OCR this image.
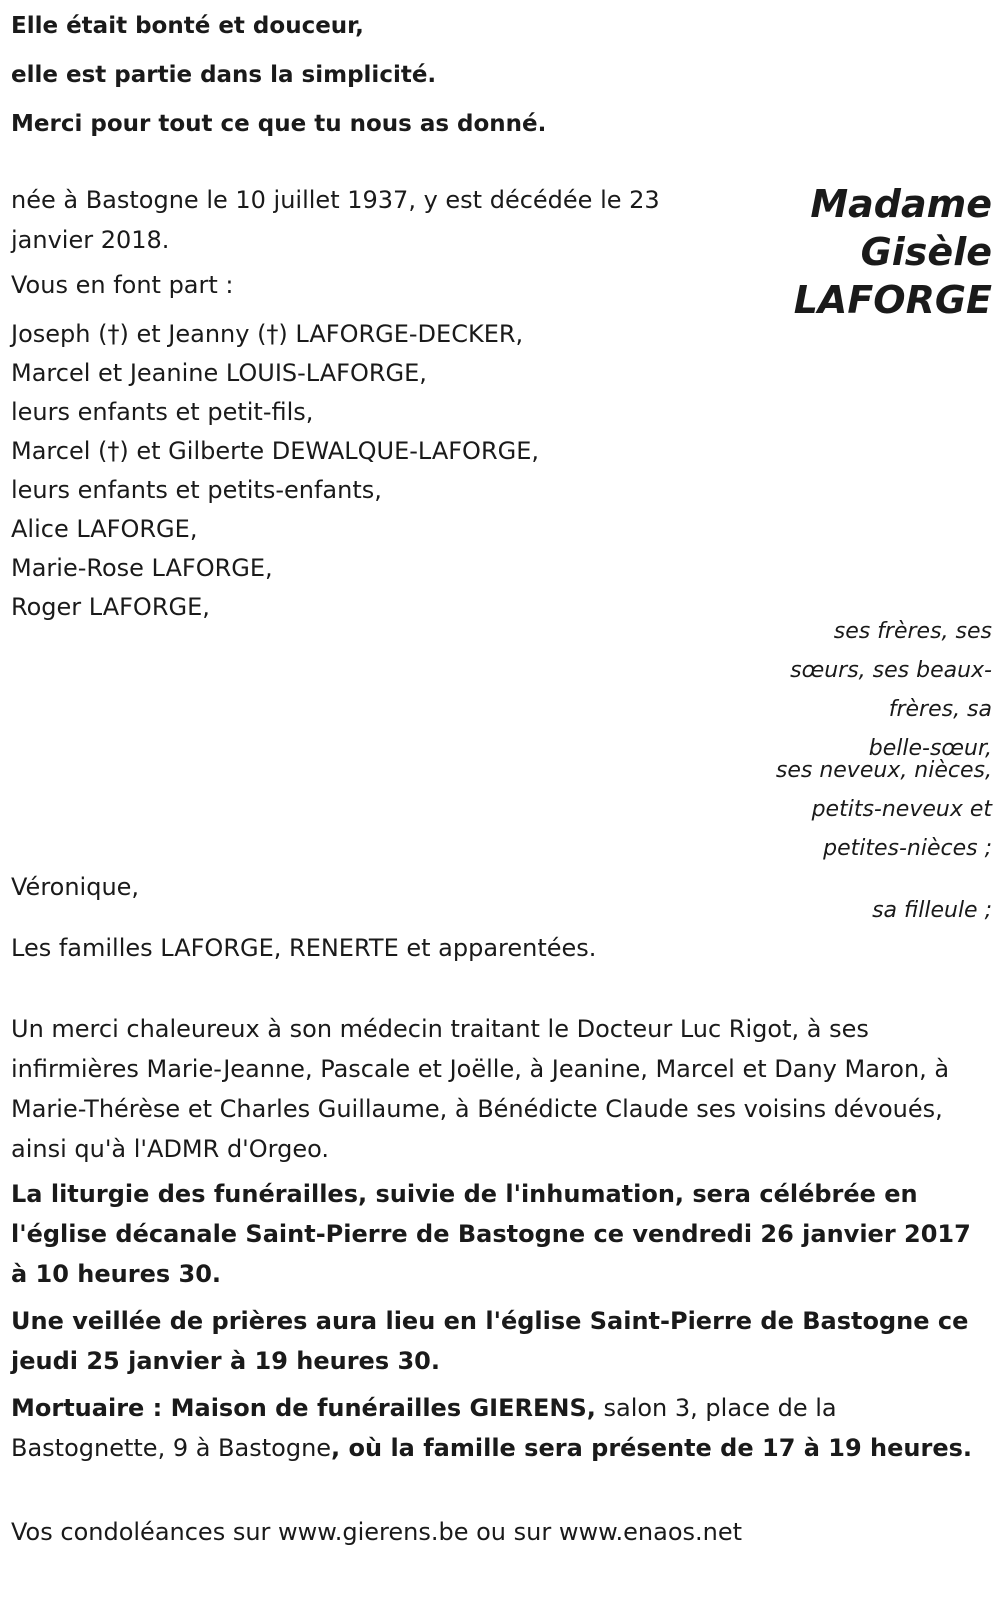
Elle était bonté et douceur,
elle est partie dans la simplicité.
Merci pour tout ce que tu nous as donné.
Madame
Gisèle
LAFORGE
née à Bastogne le 10 juillet 1937, y est décédée le 23 janvier 2018.
Vous en font part :
Joseph (†) et Jeanny (†) LAFORGE-DECKER,
Marcel et Jeanine LOUIS-LAFORGE,
leurs enfants et petit-fils,
Marcel (†) et Gilberte DEWALQUE-LAFORGE,
leurs enfants et petits-enfants,
Alice LAFORGE,
Marie-Rose LAFORGE,
Roger LAFORGE,
ses frères, ses
sœurs, ses beaux-
frères, sa
belle-sœur,
ses neveux, nièces,
petits-neveux et
petites-nièces ;
Véronique,
sa filleule ;
Les familles LAFORGE, RENERTE et apparentées.
Un merci chaleureux à son médecin traitant le Docteur Luc Rigot, à ses infirmières Marie-Jeanne, Pascale et Joëlle, à Jeanine, Marcel et Dany Maron, à Marie-Thérèse et Charles Guillaume, à Bénédicte Claude ses voisins dévoués, ainsi qu'à l'ADMR d'Orgeo.
La liturgie des funérailles, suivie de l'inhumation, sera célébrée en l'église décanale Saint-Pierre de Bastogne ce vendredi 26 janvier 2017 à 10 heures 30.
Une veillée de prières aura lieu en l'église Saint-Pierre de Bastogne ce jeudi 25 janvier à 19 heures 30.
Mortuaire : Maison de funérailles GIERENS, salon 3, place de la Bastognette, 9 à Bastogne, où la famille sera présente de 17 à 19 heures.
Vos condoléances sur www.gierens.be ou sur www.enaos.net
